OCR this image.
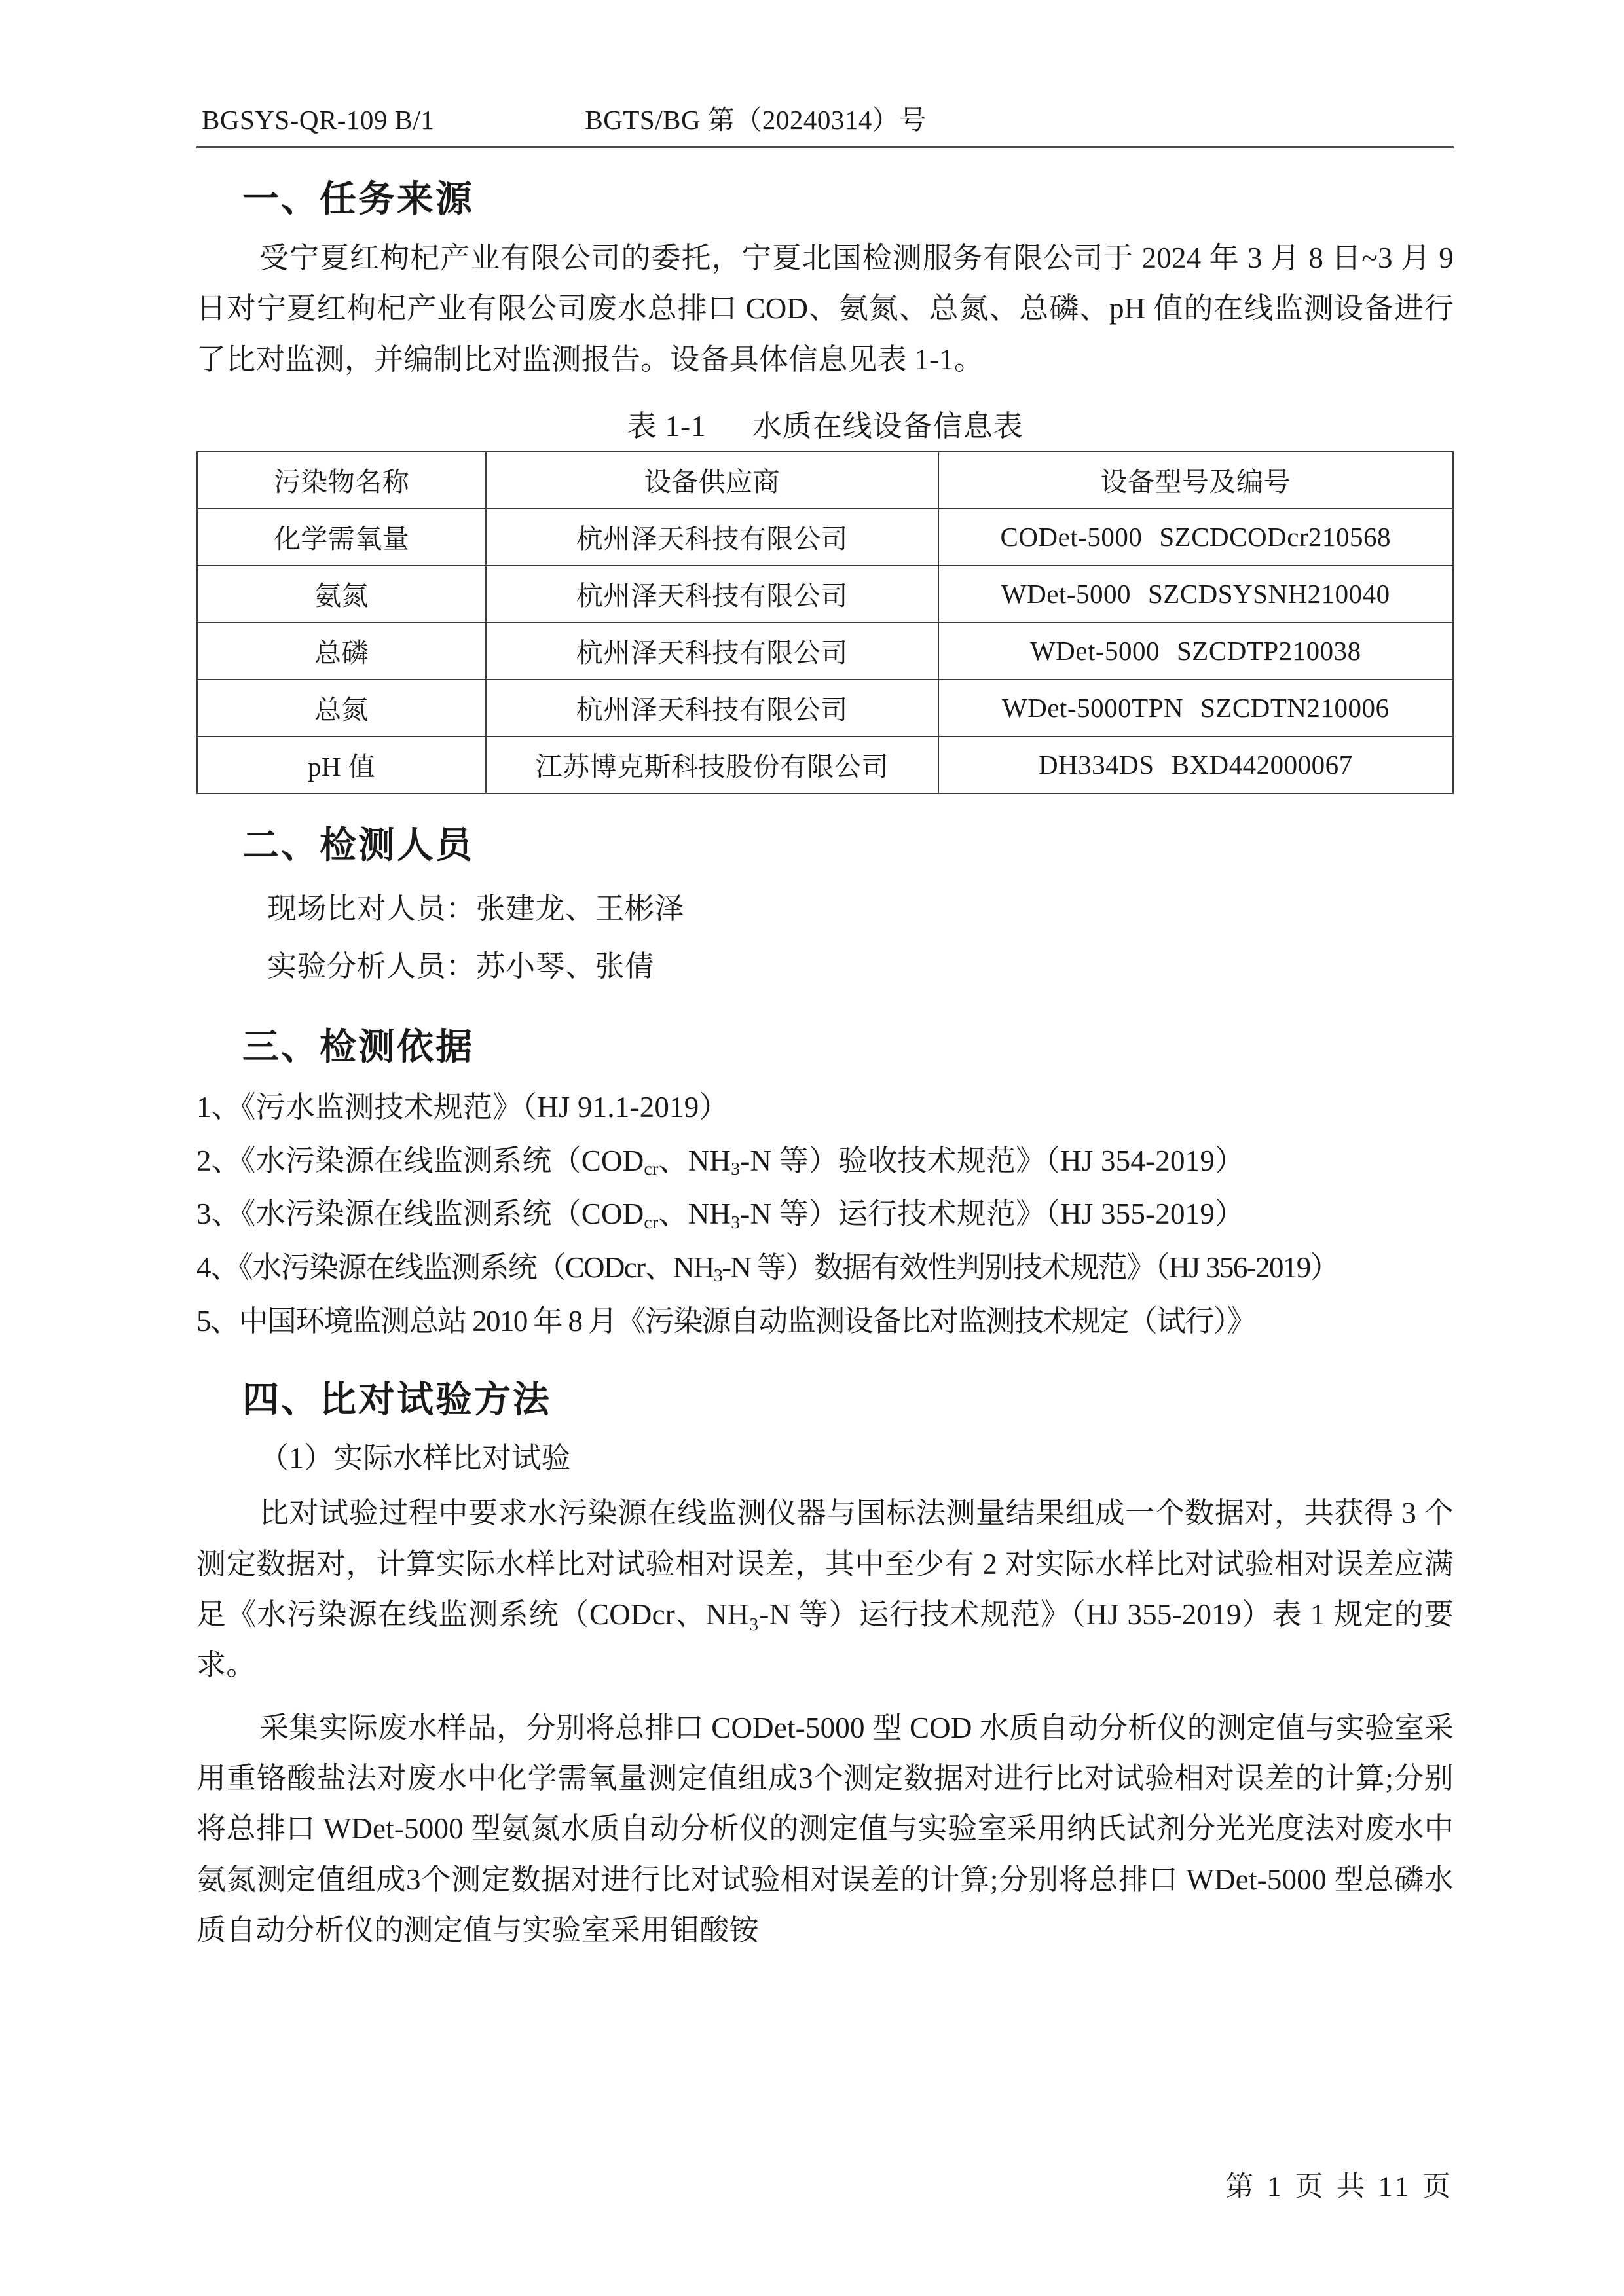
BGSYS-QR-109 B/1	BGTS/BG 第（20240314）号
一、任务来源

受宁夏红枸杞产业有限公司的委托，宁夏北国检测服务有限公司于 2024 年 3 月 8 日~3 月 9 日对宁夏红枸杞产业有限公司废水总排口 COD、氨氮、总氮、总磷、pH 值的在线监测设备进行了比对监测，并编制比对监测报告。设备具体信息见表 1-1。

表 1-1 水质在线设备信息表
污染物名称	设备供应商	设备型号及编号
化学需氧量	杭州泽天科技有限公司	CODet-5000 SZCDCODcr210568
氨氮	杭州泽天科技有限公司	WDet-5000 SZCDSYSNH210040
总磷	杭州泽天科技有限公司	WDet-5000 SZCDTP210038
总氮	杭州泽天科技有限公司	WDet-5000TPN SZCDTN210006
pH 值	江苏博克斯科技股份有限公司	DH334DS BXD442000067
二、检测人员

现场比对人员：张建龙、王彬泽

实验分析人员：苏小琴、张倩

三、检测依据

1、《污水监测技术规范》（HJ 91.1-2019）

2、《水污染源在线监测系统（$COD_{cr}$、$NH_3-N$ 等）验收技术规范》（HJ 354-2019）

3、《水污染源在线监测系统（$COD_{cr}$、$NH_3-N$ 等）运行技术规范》（HJ 355-2019）

4、《水污染源在线监测系统（CODcr、$NH_3-N$ 等）数据有效性判别技术规范》（HJ 356-2019）

5、中国环境监测总站 2010 年 8 月《污染源自动监测设备比对监测技术规定（试行）》

四、比对试验方法

（1）实际水样比对试验

比对试验过程中要求水污染源在线监测仪器与国标法测量结果组成一个数据对，共获得 3 个测定数据对，计算实际水样比对试验相对误差，其中至少有 2 对实际水样比对试验相对误差应满足《水污染源在线监测系统（CODcr、NH₃-N 等）运行技术规范》（HJ 355-2019）表 1 规定的要求。

采集实际废水样品，分别将总排口 CODet-5000 型 COD 水质自动分析仪的测定值与实验室采用重铬酸盐法对废水中化学需氧量测定值组成3个测定数据对进行比对试验相对误差的计算;分别将总排口 WDet-5000 型氨氮水质自动分析仪的测定值与实验室采用纳氏试剂分光光度法对废水中氨氮测定值组成3个测定数据对进行比对试验相对误差的计算;分别将总排口 WDet-5000 型总磷水质自动分析仪的测定值与实验室采用钼酸铵

第 1 页 共 11 页
